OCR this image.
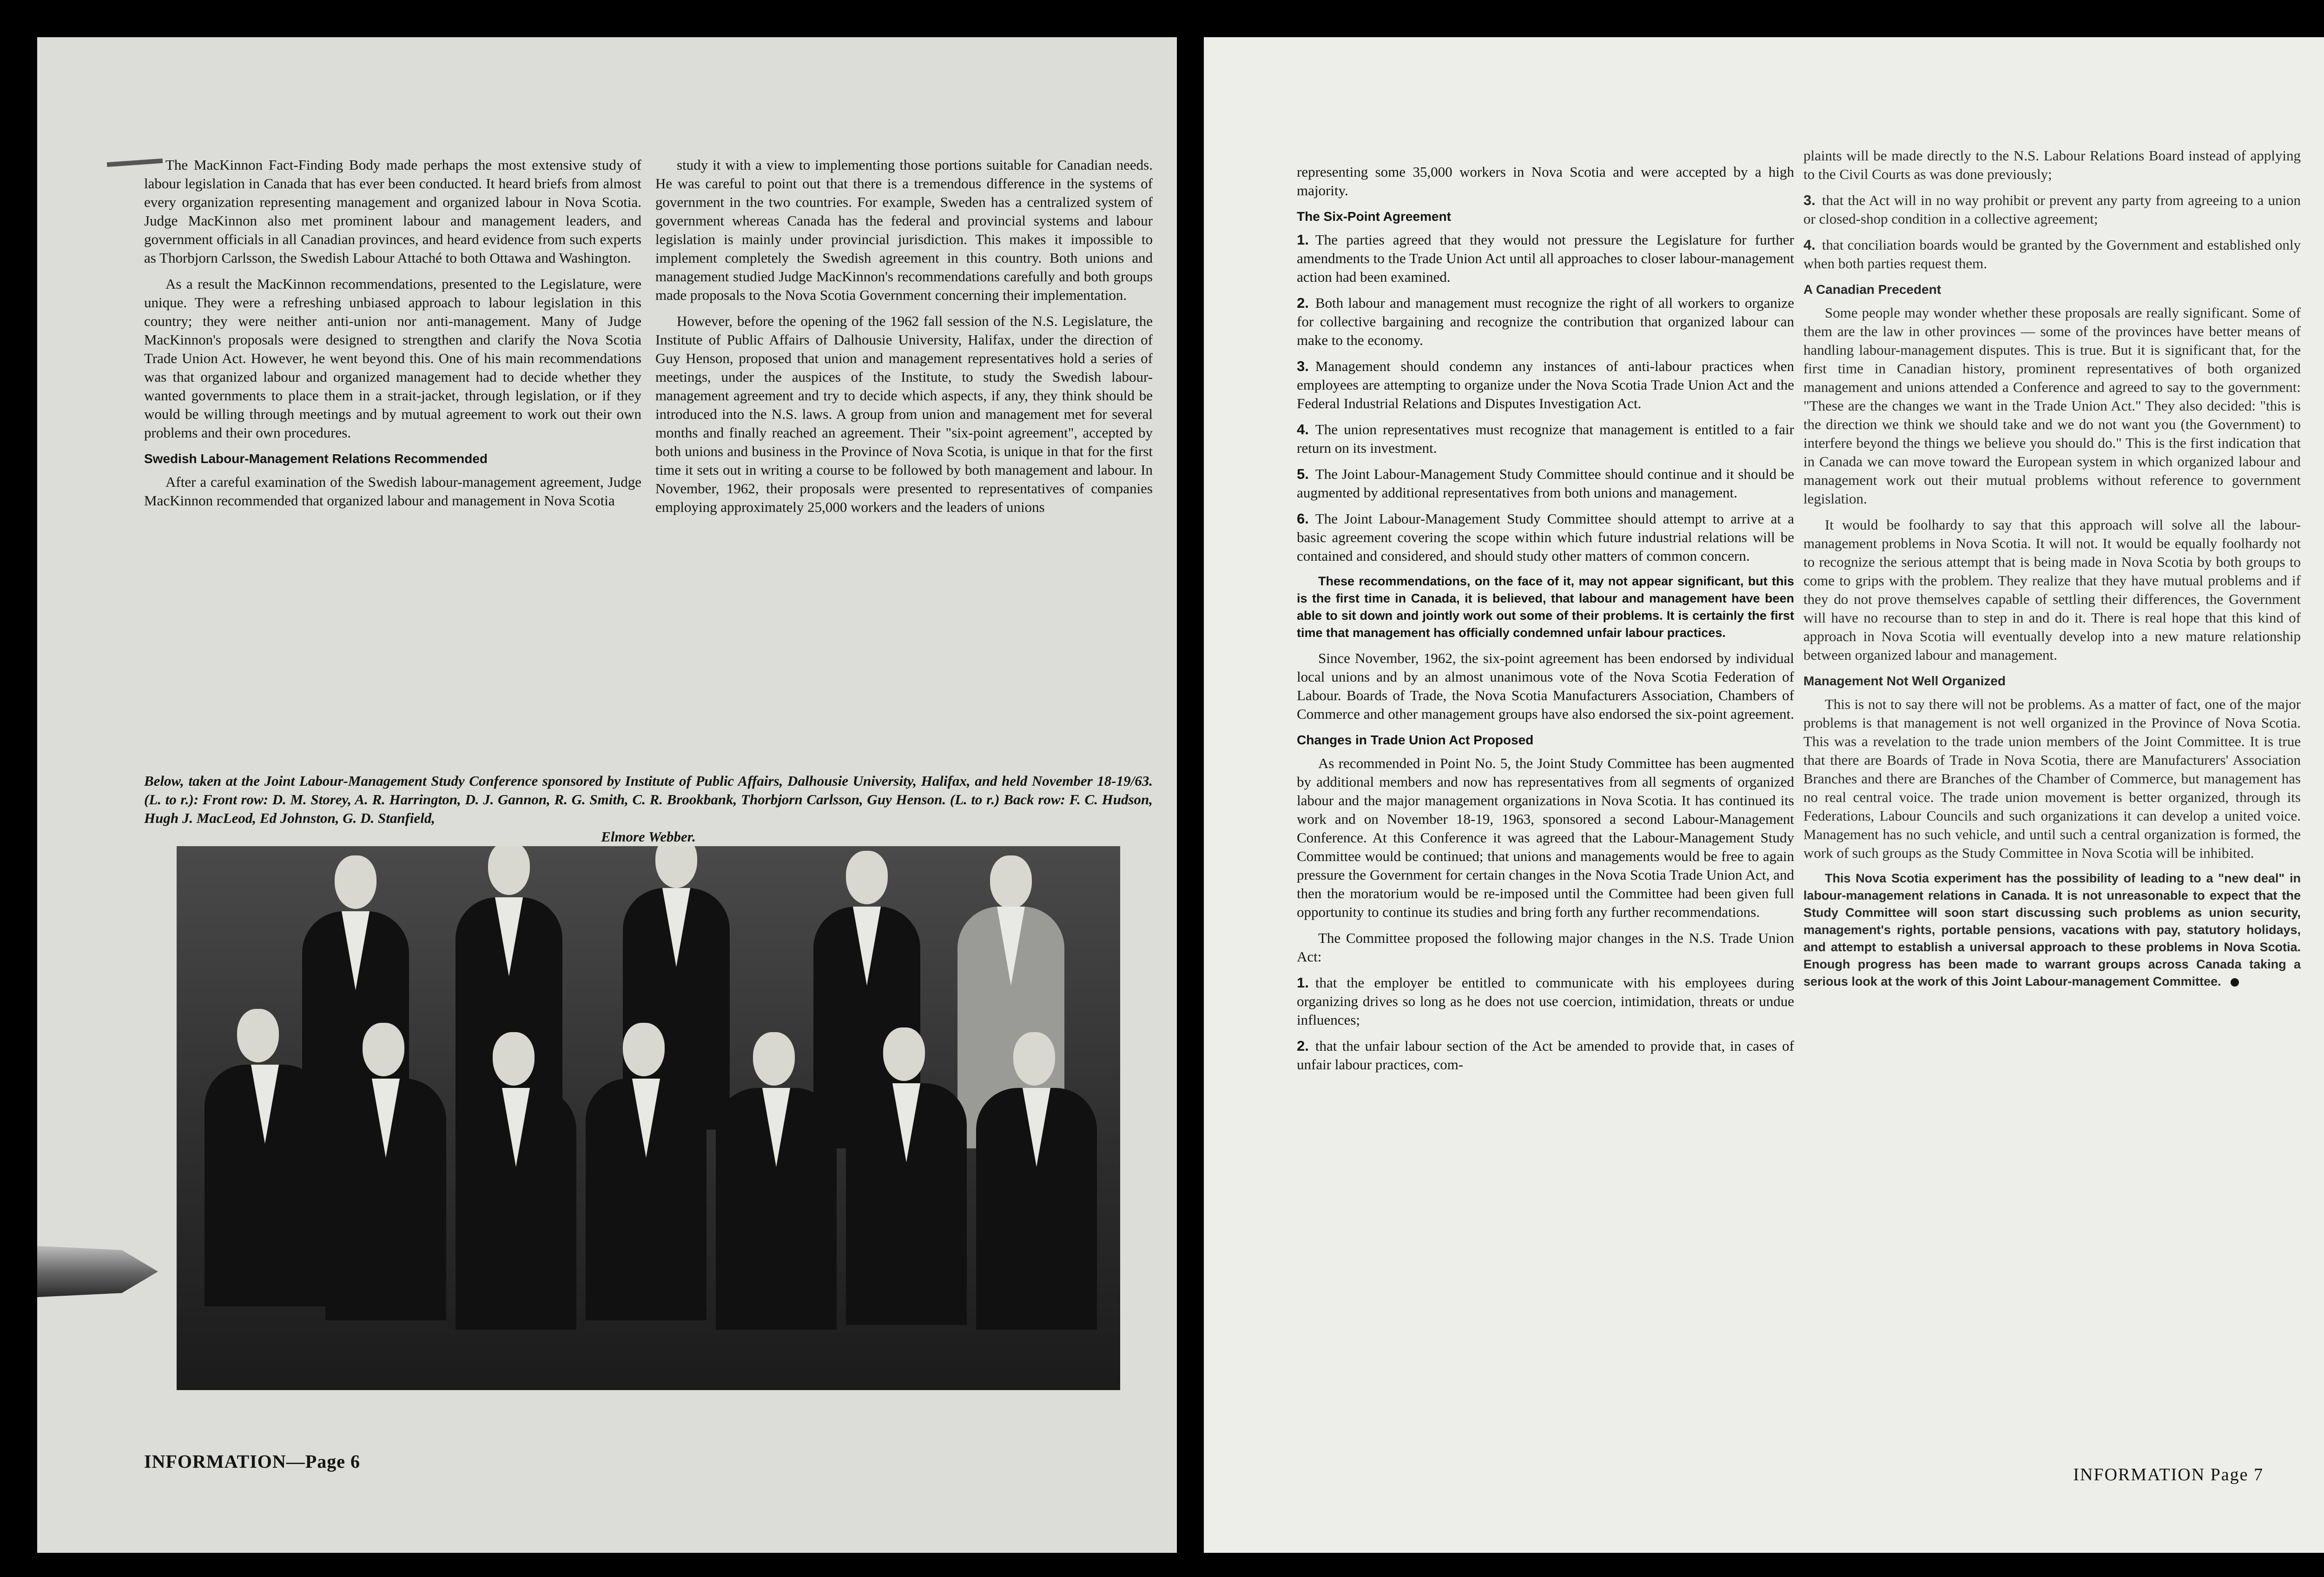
The MacKinnon Fact-Finding Body made perhaps the most extensive study of labour legislation in Canada that has ever been conducted. It heard briefs from almost every organization representing management and organized labour in Nova Scotia. Judge MacKinnon also met prominent labour and management leaders, and government officials in all Canadian provinces, and heard evidence from such experts as Thorbjorn Carlsson, the Swedish Labour Attaché to both Ottawa and Washington.

As a result the MacKinnon recommendations, presented to the Legislature, were unique. They were a refreshing unbiased approach to labour legislation in this country; they were neither anti-union nor anti-management. Many of Judge MacKinnon's proposals were designed to strengthen and clarify the Nova Scotia Trade Union Act. However, he went beyond this. One of his main recommendations was that organized labour and organized management had to decide whether they wanted governments to place them in a strait-jacket, through legislation, or if they would be willing through meetings and by mutual agreement to work out their own problems and their own procedures.

Swedish Labour-Management Relations Recommended

After a careful examination of the Swedish labour-management agreement, Judge MacKinnon recommended that organized labour and management in Nova Scotia

study it with a view to implementing those portions suitable for Canadian needs. He was careful to point out that there is a tremendous difference in the systems of government in the two countries. For example, Sweden has a centralized system of government whereas Canada has the federal and provincial systems and labour legislation is mainly under provincial jurisdiction. This makes it impossible to implement completely the Swedish agreement in this country. Both unions and management studied Judge MacKinnon's recommendations carefully and both groups made proposals to the Nova Scotia Government concerning their implementation.

However, before the opening of the 1962 fall session of the N.S. Legislature, the Institute of Public Affairs of Dalhousie University, Halifax, under the direction of Guy Henson, proposed that union and management representatives hold a series of meetings, under the auspices of the Institute, to study the Swedish labour-management agreement and try to decide which aspects, if any, they think should be introduced into the N.S. laws. A group from union and management met for several months and finally reached an agreement. Their "six-point agreement", accepted by both unions and business in the Province of Nova Scotia, is unique in that for the first time it sets out in writing a course to be followed by both management and labour. In November, 1962, their proposals were presented to representatives of companies employing approximately 25,000 workers and the leaders of unions

Below, taken at the Joint Labour-Management Study Conference sponsored by Institute of Public Affairs, Dalhousie University, Halifax, and held November 18-19/63. (L. to r.): Front row: D. M. Storey, A. R. Harrington, D. J. Gannon, R. G. Smith, C. R. Brookbank, Thorbjorn Carlsson, Guy Henson. (L. to r.) Back row: F. C. Hudson, Hugh J. MacLeod, Ed Johnston, G. D. Stanfield,
Elmore Webber.
INFORMATION—Page 6

representing some 35,000 workers in Nova Scotia and were accepted by a high majority.

The Six-Point Agreement

1. The parties agreed that they would not pressure the Legislature for further amendments to the Trade Union Act until all approaches to closer labour-management action had been examined.

2. Both labour and management must recognize the right of all workers to organize for collective bargaining and recognize the contribution that organized labour can make to the economy.

3. Management should condemn any instances of anti-labour practices when employees are attempting to organize under the Nova Scotia Trade Union Act and the Federal Industrial Relations and Disputes Investigation Act.

4. The union representatives must recognize that management is entitled to a fair return on its investment.

5. The Joint Labour-Management Study Committee should continue and it should be augmented by additional representatives from both unions and management.

6. The Joint Labour-Management Study Committee should attempt to arrive at a basic agreement covering the scope within which future industrial relations will be contained and considered, and should study other matters of common concern.

These recommendations, on the face of it, may not appear significant, but this is the first time in Canada, it is believed, that labour and management have been able to sit down and jointly work out some of their problems. It is certainly the first time that management has officially condemned unfair labour practices.

Since November, 1962, the six-point agreement has been endorsed by individual local unions and by an almost unanimous vote of the Nova Scotia Federation of Labour. Boards of Trade, the Nova Scotia Manufacturers Association, Chambers of Commerce and other management groups have also endorsed the six-point agreement.

Changes in Trade Union Act Proposed

As recommended in Point No. 5, the Joint Study Committee has been augmented by additional members and now has representatives from all segments of organized labour and the major management organizations in Nova Scotia. It has continued its work and on November 18-19, 1963, sponsored a second Labour-Management Conference. At this Conference it was agreed that the Labour-Management Study Committee would be continued; that unions and managements would be free to again pressure the Government for certain changes in the Nova Scotia Trade Union Act, and then the moratorium would be re-imposed until the Committee had been given full opportunity to continue its studies and bring forth any further recommendations.

The Committee proposed the following major changes in the N.S. Trade Union Act:

1. that the employer be entitled to communicate with his employees during organizing drives so long as he does not use coercion, intimidation, threats or undue influences;

2. that the unfair labour section of the Act be amended to provide that, in cases of unfair labour practices, com-

plaints will be made directly to the N.S. Labour Relations Board instead of applying to the Civil Courts as was done previously;

3. that the Act will in no way prohibit or prevent any party from agreeing to a union or closed-shop condition in a collective agreement;

4. that conciliation boards would be granted by the Government and established only when both parties request them.

A Canadian Precedent

Some people may wonder whether these proposals are really significant. Some of them are the law in other provinces — some of the provinces have better means of handling labour-management disputes. This is true. But it is significant that, for the first time in Canadian history, prominent representatives of both organized management and unions attended a Conference and agreed to say to the government: "These are the changes we want in the Trade Union Act." They also decided: "this is the direction we think we should take and we do not want you (the Government) to interfere beyond the things we believe you should do." This is the first indication that in Canada we can move toward the European system in which organized labour and management work out their mutual problems without reference to government legislation.

It would be foolhardy to say that this approach will solve all the labour-management problems in Nova Scotia. It will not. It would be equally foolhardy not to recognize the serious attempt that is being made in Nova Scotia by both groups to come to grips with the problem. They realize that they have mutual problems and if they do not prove themselves capable of settling their differences, the Government will have no recourse than to step in and do it. There is real hope that this kind of approach in Nova Scotia will eventually develop into a new mature relationship between organized labour and management.

Management Not Well Organized

This is not to say there will not be problems. As a matter of fact, one of the major problems is that management is not well organized in the Province of Nova Scotia. This was a revelation to the trade union members of the Joint Committee. It is true that there are Boards of Trade in Nova Scotia, there are Manufacturers' Association Branches and there are Branches of the Chamber of Commerce, but management has no real central voice. The trade union movement is better organized, through its Federations, Labour Councils and such organizations it can develop a united voice. Management has no such vehicle, and until such a central organization is formed, the work of such groups as the Study Committee in Nova Scotia will be inhibited.

This Nova Scotia experiment has the possibility of leading to a "new deal" in labour-management relations in Canada. It is not unreasonable to expect that the Study Committee will soon start discussing such problems as union security, management's rights, portable pensions, vacations with pay, statutory holidays, and attempt to establish a universal approach to these problems in Nova Scotia. Enough progress has been made to warrant groups across Canada taking a serious look at the work of this Joint Labour-management Committee.

INFORMATION Page 7
